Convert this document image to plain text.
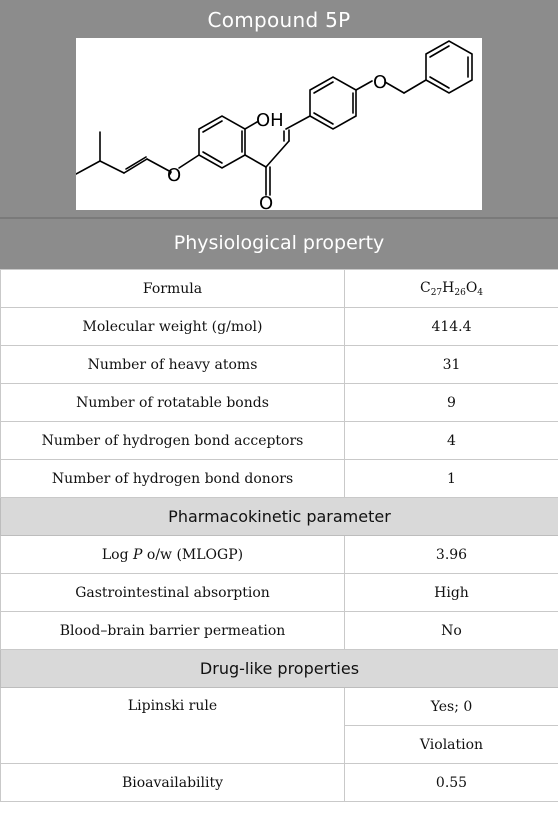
Compound 5P
OH
O
O
O
Physiological property
Formula	$C_{27}H_{26}O_4$
Molecular weight (g/mol)	414.4
Number of heavy atoms	31
Number of rotatable bonds	9
Number of hydrogen bond acceptors	4
Number of hydrogen bond donors	1
Pharmacokinetic parameter	
Log P o/w (MLOGP)	3.96
Gastrointestinal absorption	High
Blood–brain barrier permeation	No
Drug-like properties	
Lipinski rule	Yes; 0
	Violation
Bioavailability	0.55
